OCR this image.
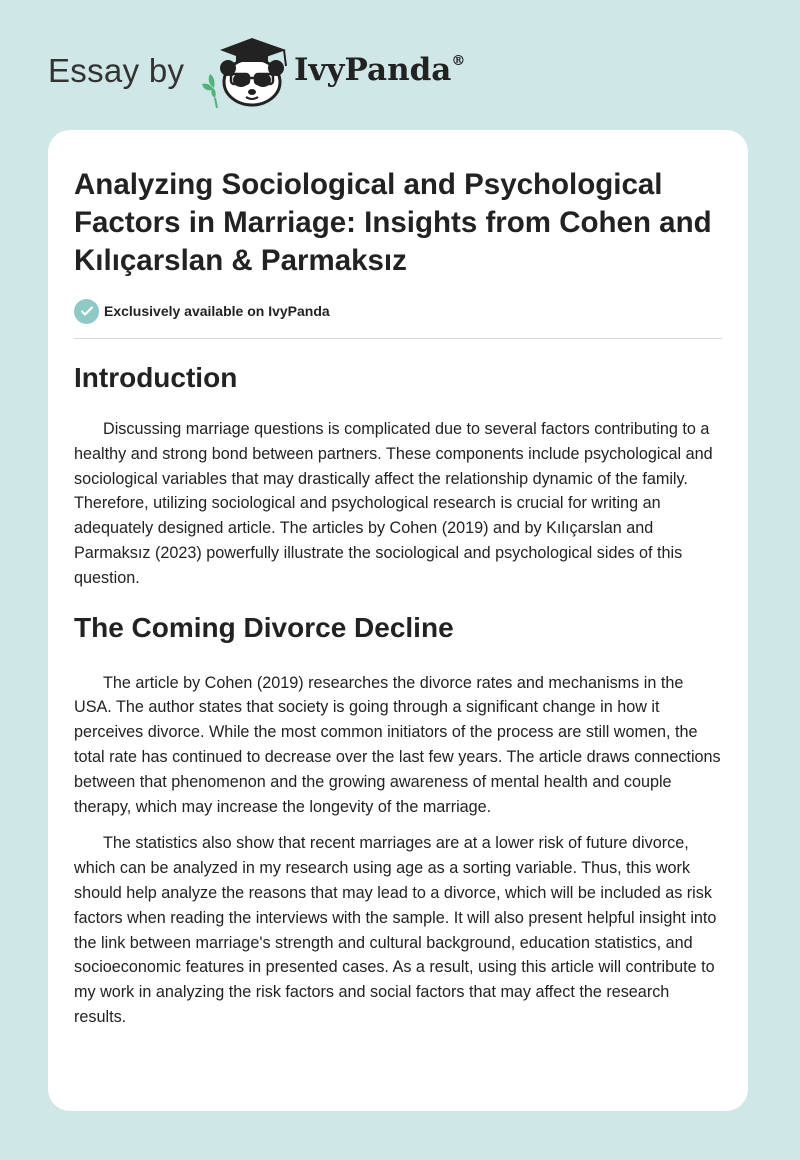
Essay by	IvyPanda®
Analyzing Sociological and Psychological Factors in Marriage: Insights from Cohen and Kılıçarslan & Parmaksız
Exclusively available on IvyPanda
Introduction

Discussing marriage questions is complicated due to several factors contributing to a healthy and strong bond between partners. These components include psychological and sociological variables that may drastically affect the relationship dynamic of the family. Therefore, utilizing sociological and psychological research is crucial for writing an adequately designed article. The articles by Cohen (2019) and by Kılıçarslan and Parmaksız (2023) powerfully illustrate the sociological and psychological sides of this question.

The Coming Divorce Decline

The article by Cohen (2019) researches the divorce rates and mechanisms in the USA. The author states that society is going through a significant change in how it perceives divorce. While the most common initiators of the process are still women, the total rate has continued to decrease over the last few years. The article draws connections between that phenomenon and the growing awareness of mental health and couple therapy, which may increase the longevity of the marriage.

The statistics also show that recent marriages are at a lower risk of future divorce, which can be analyzed in my research using age as a sorting variable. Thus, this work should help analyze the reasons that may lead to a divorce, which will be included as risk factors when reading the interviews with the sample. It will also present helpful insight into the link between marriage's strength and cultural background, education statistics, and socioeconomic features in presented cases. As a result, using this article will contribute to my work in analyzing the risk factors and social factors that may affect the research results.
